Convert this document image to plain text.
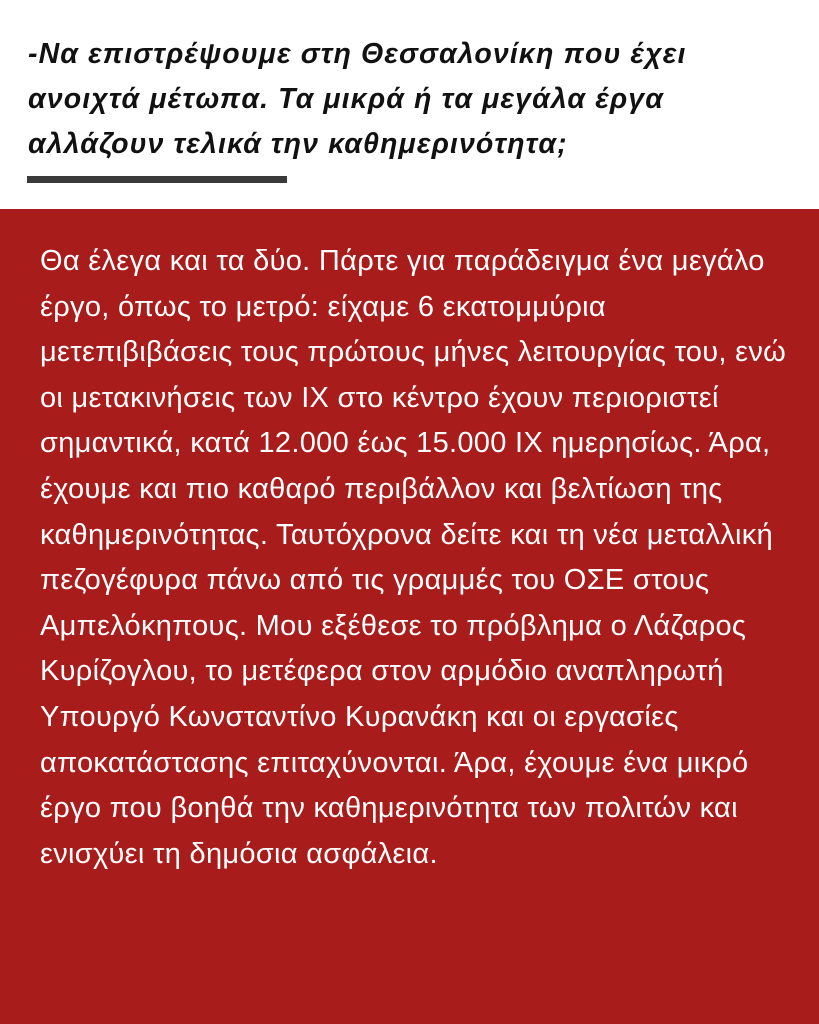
-Να επιστρέψουμε στη Θεσσαλονίκη που έχει ανοιχτά μέτωπα. Τα μικρά ή τα μεγάλα έργα αλλάζουν τελικά την καθημερινότητα;

Θα έλεγα και τα δύο. Πάρτε για παράδειγμα ένα μεγάλο έργο, όπως το μετρό: είχαμε 6 εκατομμύρια μετεπιβιβάσεις τους πρώτους μήνες λειτουργίας του, ενώ οι μετακινήσεις των ΙΧ στο κέντρο έχουν περιοριστεί σημαντικά, κατά 12.000 έως 15.000 ΙΧ ημερησίως. Άρα, έχουμε και πιο καθαρό περιβάλλον και βελτίωση της καθημερινότητας. Ταυτόχρονα δείτε και τη νέα μεταλλική πεζογέφυρα πάνω από τις γραμμές του ΟΣΕ στους Αμπελόκηπους. Μου εξέθεσε το πρόβλημα ο Λάζαρος Κυρίζογλου, το μετέφερα στον αρμόδιο αναπληρωτή Υπουργό Κωνσταντίνο Κυρανάκη και οι εργασίες αποκατάστασης επιταχύνονται. Άρα, έχουμε ένα μικρό έργο που βοηθά την καθημερινότητα των πολιτών και ενισχύει τη δημόσια ασφάλεια.
